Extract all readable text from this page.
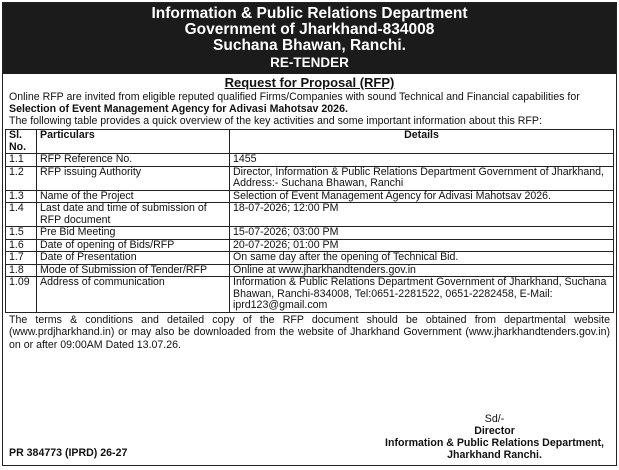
Information & Public Relations Department
Government of Jharkhand-834008
Suchana Bhawan, Ranchi.
RE-TENDER
Request for Proposal (RFP)
Online RFP are invited from eligible reputed qualified Firms/Companies with sound Technical and Financial capabilities for Selection of Event Management Agency for Adivasi Mahotsav 2026.
The following table provides a quick overview of the key activities and some important information about this RFP:
Sl. No.	Particulars	Details
1.1	RFP Reference No.	1455
1.2	RFP issuing Authority	Director, Information & Public Relations Department Government of Jharkhand, Address:- Suchana Bhawan, Ranchi
1.3	Name of the Project	Selection of Event Management Agency for Adivasi Mahotsav 2026.
1.4	Last date and time of submission of RFP document	18-07-2026; 12:00 PM
1.5	Pre Bid Meeting	15-07-2026; 03:00 PM
1.6	Date of opening of Bids/RFP	20-07-2026; 01:00 PM
1.7	Date of Presentation	On same day after the opening of Technical Bid.
1.8	Mode of Submission of Tender/RFP	Online at www.jharkhandtenders.gov.in
1.09	Address of communication	Information & Public Relations Department Government of Jharkhand, Suchana Bhawan, Ranchi-834008, Tel:0651-2281522, 0651-2282458, E-Mail: iprd123@gmail.com
The terms & conditions and detailed copy of the RFP document should be obtained from departmental website (www.prdjharkhand.in) or may also be downloaded from the website of Jharkhand Government (www.jharkhandtenders.gov.in) on or after 09:00AM Dated 13.07.26.
PR 384773 (IPRD) 26-27
Sd/-
Director
Information & Public Relations Department,
Jharkhand Ranchi.
